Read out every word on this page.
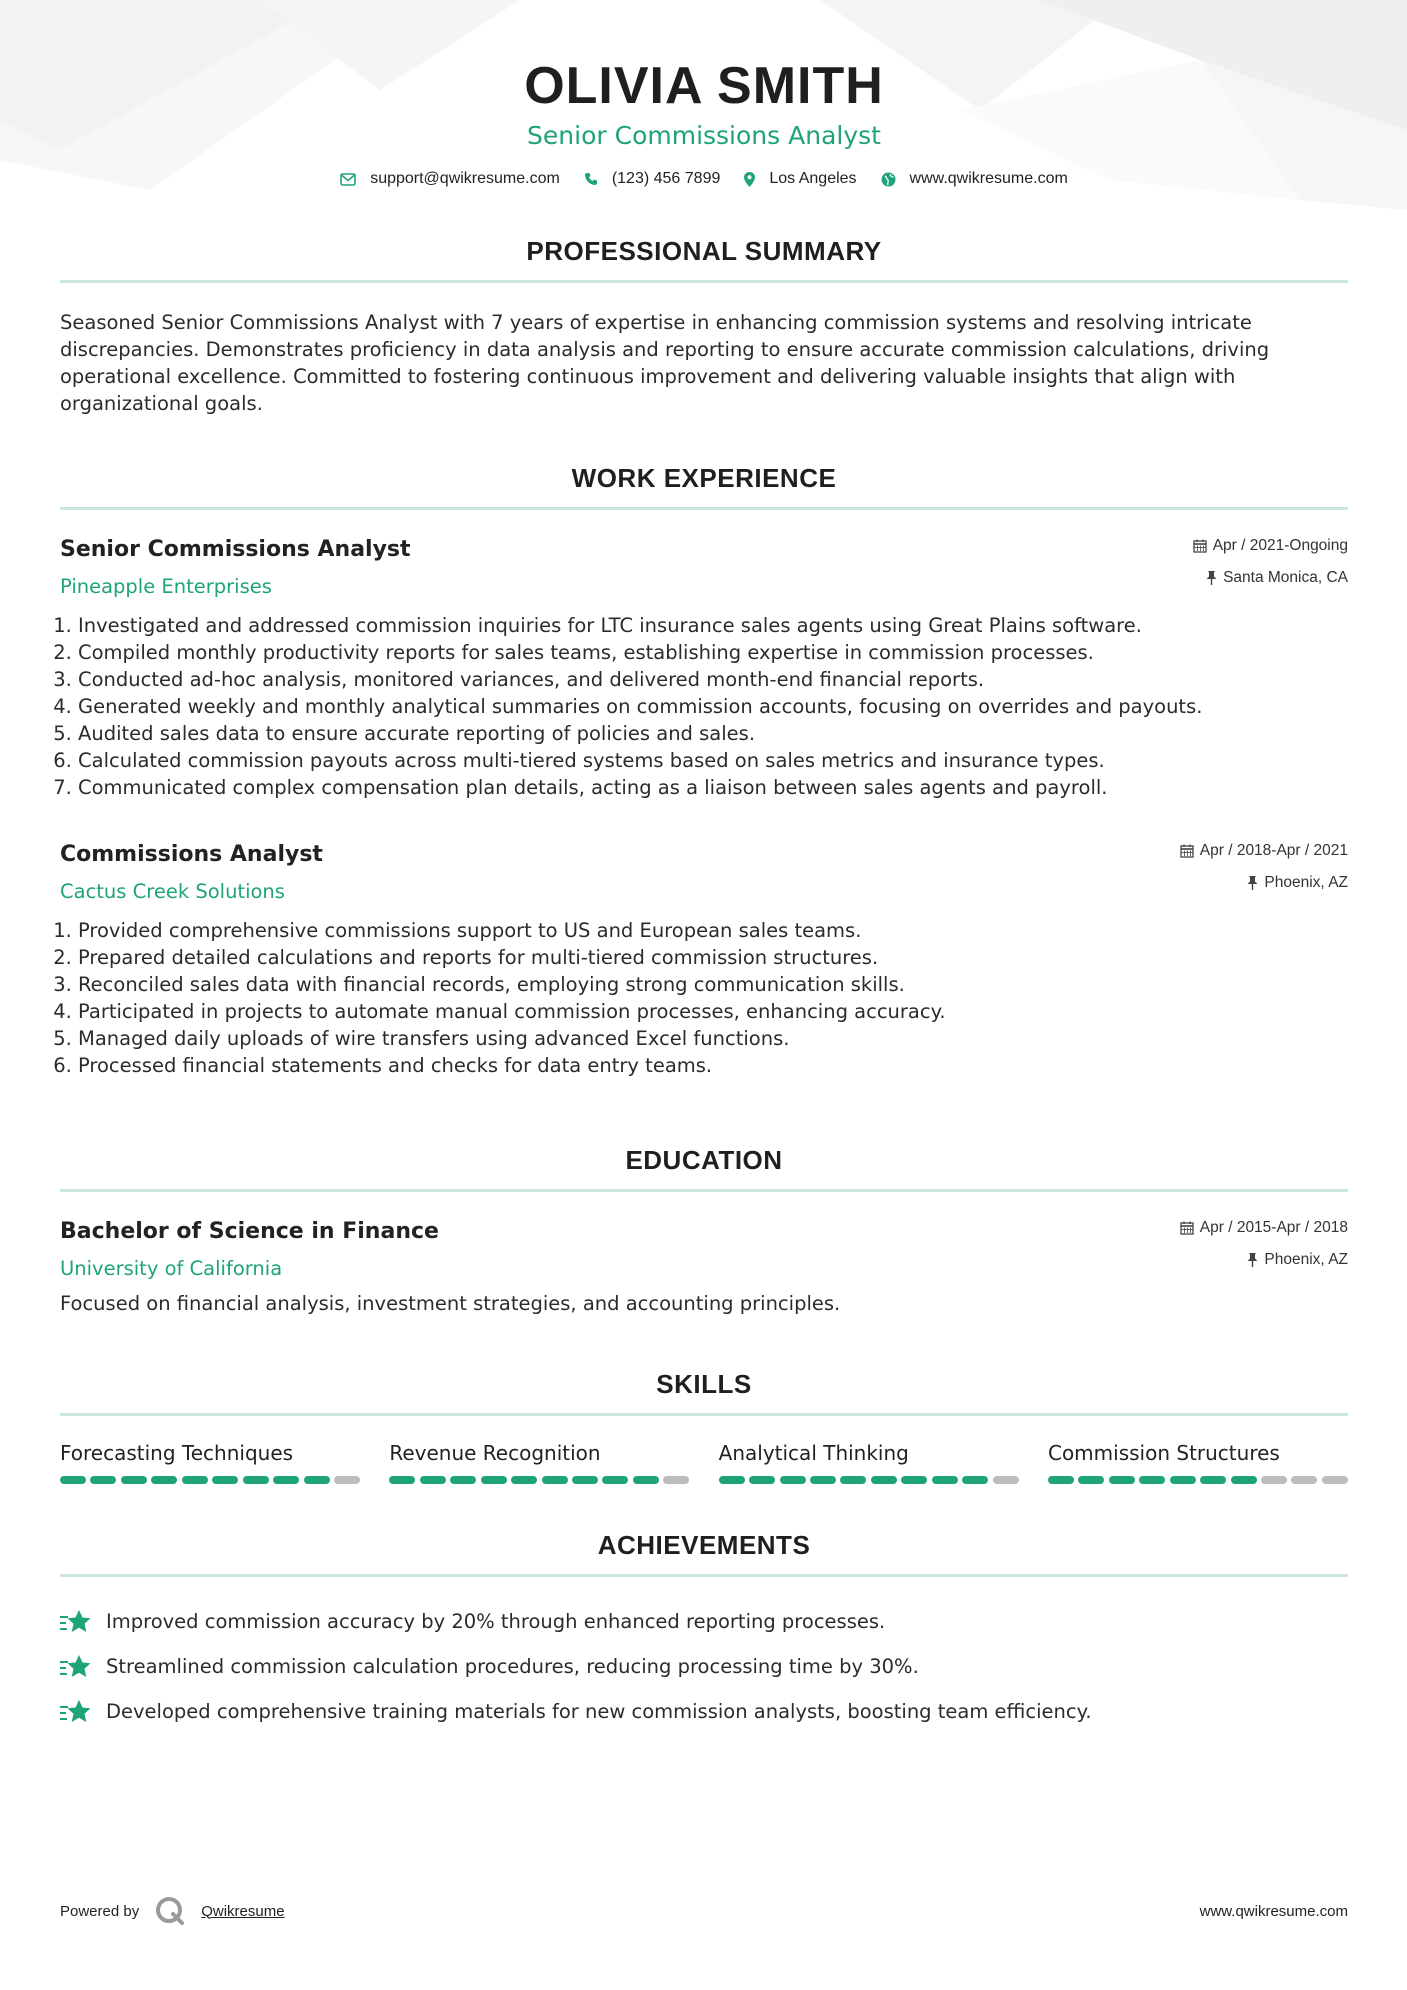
OLIVIA SMITH
Senior Commissions Analyst
support@qwikresume.com	(123) 456 7899	Los Angeles	www.qwikresume.com
PROFESSIONAL SUMMARY
Seasoned Senior Commissions Analyst with 7 years of expertise in enhancing commission systems and resolving intricate discrepancies. Demonstrates proficiency in data analysis and reporting to ensure accurate commission calculations, driving operational excellence. Committed to fostering continuous improvement and delivering valuable insights that align with organizational goals.
WORK EXPERIENCE
Senior Commissions Analyst
Pineapple Enterprises
Apr / 2021-Ongoing
Santa Monica, CA
1. Investigated and addressed commission inquiries for LTC insurance sales agents using Great Plains software.
2. Compiled monthly productivity reports for sales teams, establishing expertise in commission processes.
3. Conducted ad-hoc analysis, monitored variances, and delivered month-end financial reports.
4. Generated weekly and monthly analytical summaries on commission accounts, focusing on overrides and payouts.
5. Audited sales data to ensure accurate reporting of policies and sales.
6. Calculated commission payouts across multi-tiered systems based on sales metrics and insurance types.
7. Communicated complex compensation plan details, acting as a liaison between sales agents and payroll.
Commissions Analyst
Cactus Creek Solutions
Apr / 2018-Apr / 2021
Phoenix, AZ
1. Provided comprehensive commissions support to US and European sales teams.
2. Prepared detailed calculations and reports for multi-tiered commission structures.
3. Reconciled sales data with financial records, employing strong communication skills.
4. Participated in projects to automate manual commission processes, enhancing accuracy.
5. Managed daily uploads of wire transfers using advanced Excel functions.
6. Processed financial statements and checks for data entry teams.
EDUCATION
Bachelor of Science in Finance
University of California
Apr / 2015-Apr / 2018
Phoenix, AZ
Focused on financial analysis, investment strategies, and accounting principles.
SKILLS
Forecasting Techniques	Revenue Recognition	Analytical Thinking	Commission Structures
ACHIEVEMENTS
Improved commission accuracy by 20% through enhanced reporting processes.
Streamlined commission calculation procedures, reducing processing time by 30%.
Developed comprehensive training materials for new commission analysts, boosting team efficiency.
Powered by	Qwikresume	www.qwikresume.com
